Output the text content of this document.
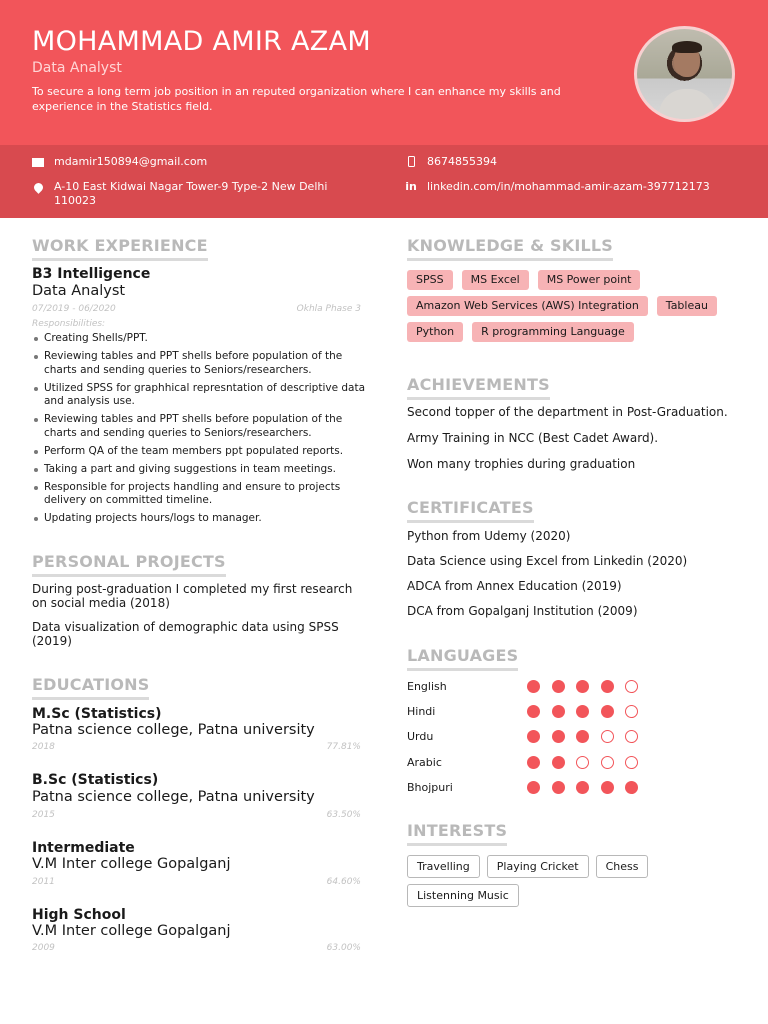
MOHAMMAD AMIR AZAM
Data Analyst
To secure a long term job position in an reputed organization where I can enhance my skills and experience in the Statistics field.
mdamir150894@gmail.com	8674855394
A-10 East Kidwai Nagar Tower-9 Type-2 New Delhi 110023
in linkedin.com/in/mohammad-amir-azam-397712173
WORK EXPERIENCE
B3 Intelligence
Data Analyst
07/2019 - 06/2020	Okhla Phase 3
Responsibilities:
Creating Shells/PPT.
Reviewing tables and PPT shells before population of the charts and sending queries to Seniors/researchers.
Utilized SPSS for graphhical represntation of descriptive data and analysis use.
Reviewing tables and PPT shells before population of the charts and sending queries to Seniors/researchers.
Perform QA of the team members ppt populated reports.
Taking a part and giving suggestions in team meetings.
Responsible for projects handling and ensure to projects delivery on committed timeline.
Updating projects hours/logs to manager.
PERSONAL PROJECTS
During post-graduation I completed my first research on social media (2018)
Data visualization of demographic data using SPSS (2019)
EDUCATIONS
M.Sc (Statistics)
Patna science college, Patna university
2018	77.81%
B.Sc (Statistics)
Patna science college, Patna university
2015	63.50%
Intermediate
V.M Inter college Gopalganj
2011	64.60%
High School
V.M Inter college Gopalganj
2009	63.00%
KNOWLEDGE & SKILLS
SPSS	MS Excel	MS Power point
Amazon Web Services (AWS) Integration	Tableau
Python	R programming Language
ACHIEVEMENTS
Second topper of the department in Post-Graduation.
Army Training in NCC (Best Cadet Award).
Won many trophies during graduation
CERTIFICATES
Python from Udemy (2020)
Data Science using Excel from Linkedin (2020)
ADCA from Annex Education (2019)
DCA from Gopalganj Institution (2009)
LANGUAGES
English
Hindi
Urdu
Arabic
Bhojpuri
INTERESTS
Travelling	Playing Cricket	Chess
Listenning Music
